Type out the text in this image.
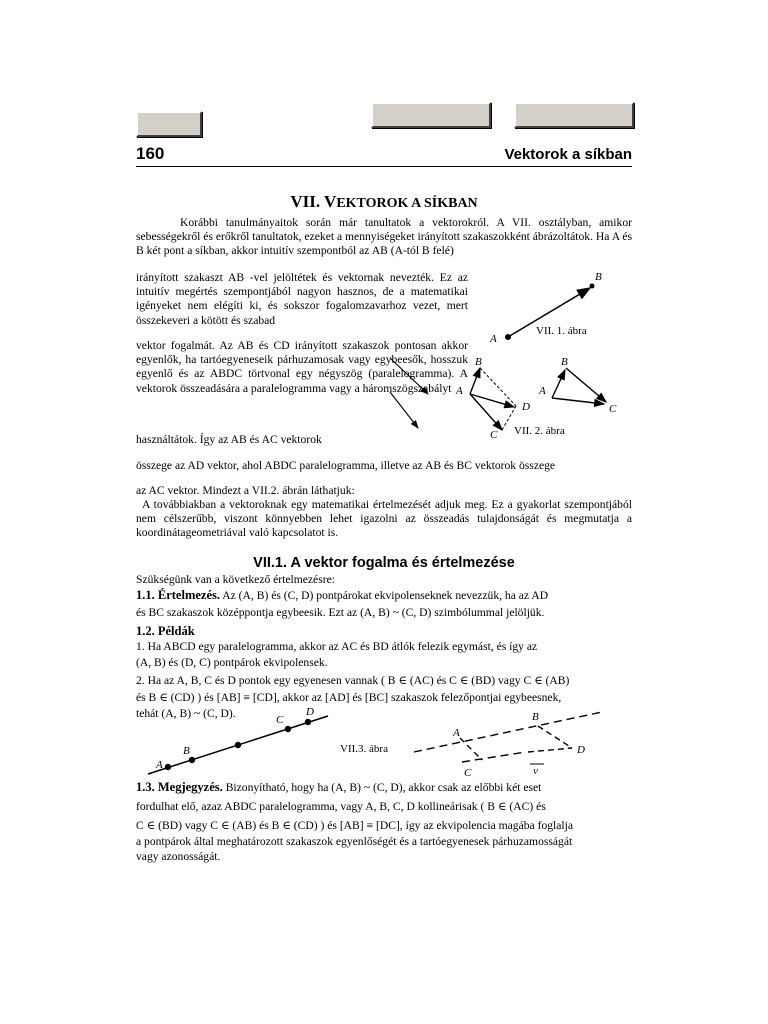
160	Vektorok a síkban
VII. VEKTOROK A SÍKBAN
Korábbi tanulmányaitok során már tanultatok a vektorokról. A VII. osztályban, amikor sebességekről és erőkről tanultatok, ezeket a mennyiségeket irányított szakaszokként ábrázoltátok. Ha A és B két pont a síkban, akkor intuitív szempontból az AB (A-tól B felé)
irányított szakaszt AB -vel jelöltétek és vektornak nevezték. Ez az intuitív megértés szempontjából nagyon hasznos, de a matematikai igényeket nem elégíti ki, és sokszor fogalomzavarhoz vezet, mert összekeveri a kötött és szabad
vektor fogalmát. Az AB és CD irányított szakaszok pontosan akkor egyenlők, ha tartóegyeneseik párhuzamosak vagy egybeesők, hosszuk egyenlő és az ABDC törtvonal egy négyszög (paralelogramma). A vektorok összeadására a paralelogramma vagy a háromszögszabályt
használtátok. Így az AB és AC vektorok
összege az AD vektor, ahol ABDC paralelogramma, illetve az AB és BC vektorok összege
az AC vektor. Mindezt a VII.2. ábrán láthatjuk:
A továbbiakban a vektoroknak egy matematikai értelmezését adjuk meg. Ez a gyakorlat szempontjából nem célszerűbb, viszont könnyebben lehet igazolni az összeadás tulajdonságát és megmutatja a koordinátageometriával való kapcsolatot is.
VII.1. A vektor fogalma és értelmezése
Szükségünk van a következő értelmezésre:
1.1. Értelmezés. Az (A, B) és (C, D) pontpárokat ekvipolenseknek nevezzük, ha az AD
és BC szakaszok középpontja egybeesik. Ezt az (A, B) ~ (C, D) szimbólummal jelöljük.
1.2. Példák
1. Ha ABCD egy paralelogramma, akkor az AC és BD átlók felezik egymást, és így az
(A, B) és (D, C) pontpárok ekvipolensek.
2. Ha az A, B, C és D pontok egy egyenesen vannak ( B ∈ (AC) és C ∈ (BD) vagy C ∈ (AB)
és B ∈ (CD) ) és [AB] ≡ [CD], akkor az [AD] és [BC] szakaszok felezőpontjai egybeesnek,
tehát (A, B) ~ (C, D).
1.3. Megjegyzés. Bizonyítható, hogy ha (A, B) ~ (C, D), akkor csak az előbbi két eset
fordulhat elő, azaz ABDC paralelogramma, vagy A, B, C, D kollineárisak ( B ∈ (AC) és
C ∈ (BD) vagy C ∈ (AB) és B ∈ (CD) ) és [AB] ≡ [DC], így az ekvipolencia magába foglalja
a pontpárok által meghatározott szakaszok egyenlőségét és a tartóegyenesek párhuzamosságát
vagy azonosságát.
A
B
VII. 1. ábra
A
B
C
D
VII. 2. ábra
A
B
C
A
B
C
D
VII.3. ábra
A
B
C
D
v
